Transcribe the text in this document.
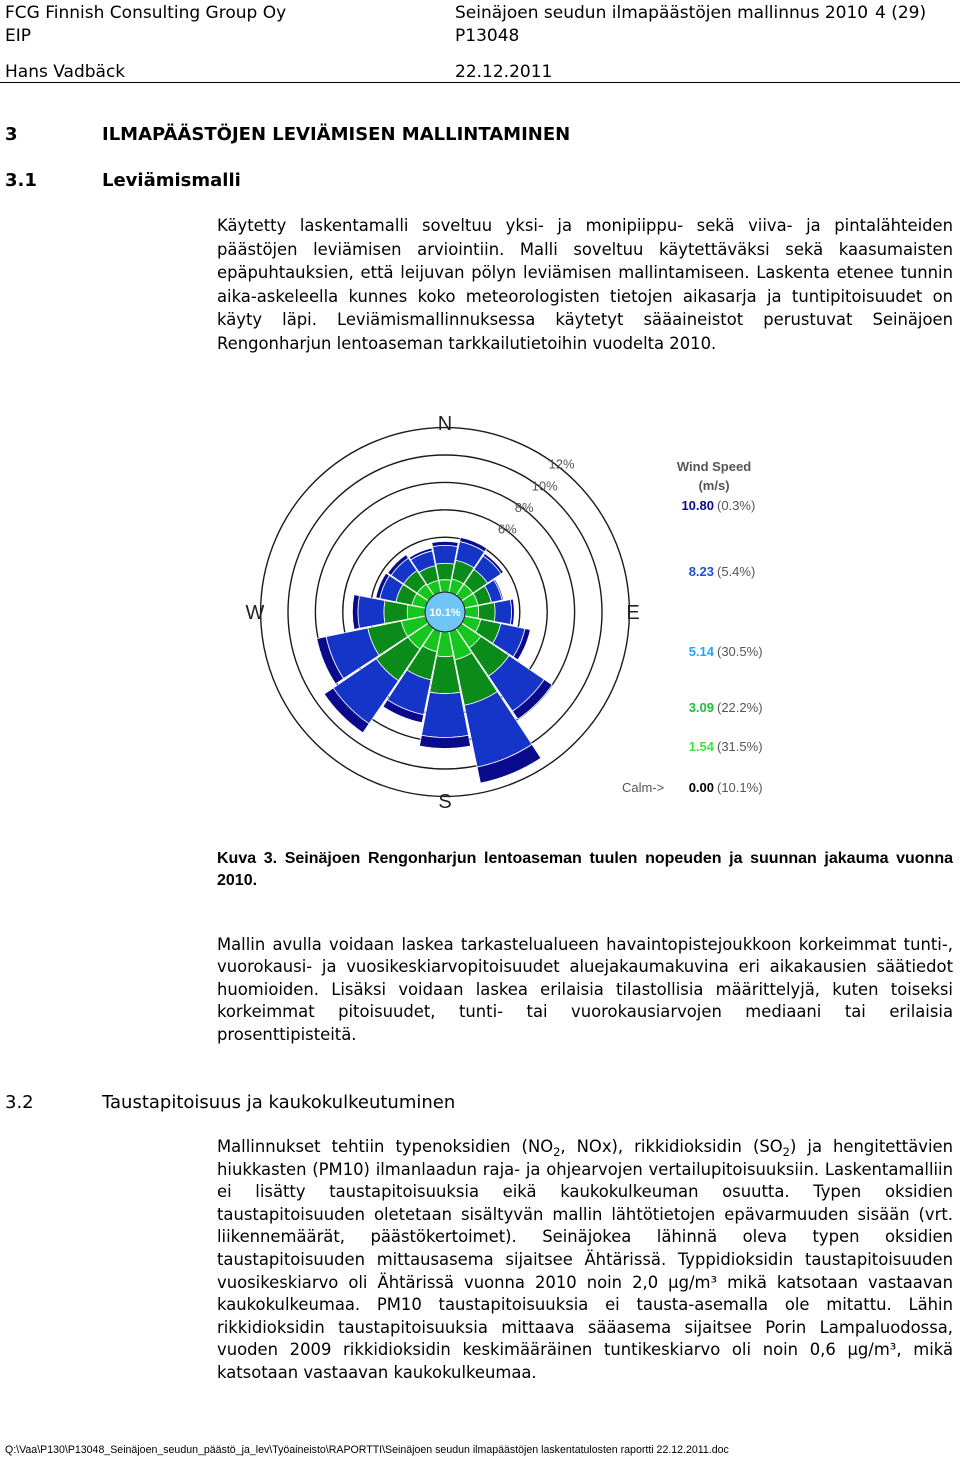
FCG Finnish Consulting Group Oy
EIP
Hans Vadbäck
Seinäjoen seudun ilmapäästöjen mallinnus 2010
P13048
22.12.2011
4 (29)
3	ILMAPÄÄSTÖJEN LEVIÄMISEN MALLINTAMINEN
3.1	Leviämismalli
Käytetty laskentamalli soveltuu yksi- ja monipiippu- sekä viiva- ja pintalähteiden päästöjen leviämisen arviointiin. Malli soveltuu käytettäväksi sekä kaasumaisten epäpuhtauksien, että leijuvan pölyn leviämisen mallintamiseen. Laskenta etenee tunnin aika-askeleella kunnes koko meteorologisten tietojen aikasarja ja tuntipitoisuudet on käyty läpi. Leviämismallinnuksessa käytetyt sääaineistot perustuvat Seinäjoen Rengonharjun lentoaseman tarkkailutietoihin vuodelta 2010.
6%
8%
10%
12%
10.1%
N
S
W	E
Wind Speed
(m/s)
10.80 (0.3%)
8.23 (5.4%)
5.14 (30.5%)
3.09 (22.2%)
1.54 (31.5%)
0.00 (10.1%)
Calm->
Kuva 3. Seinäjoen Rengonharjun lentoaseman tuulen nopeuden ja suunnan jakauma vuonna 2010.
Mallin avulla voidaan laskea tarkastelualueen havaintopistejoukkoon korkeimmat tunti-, vuorokausi- ja vuosikeskiarvopitoisuudet aluejakaumakuvina eri aikakausien säätiedot huomioiden. Lisäksi voidaan laskea erilaisia tilastollisia määrittelyjä, kuten toiseksi korkeimmat pitoisuudet, tunti- tai vuorokausiarvojen mediaani tai erilaisia prosenttipisteitä.
3.2	Taustapitoisuus ja kaukokulkeutuminen
Mallinnukset tehtiin typenoksidien ($NO_2$, NOx), rikkidioksidin $(SO_2)$ ja hengitettävien hiukkasten (PM10) ilmanlaadun raja- ja ohjearvojen vertailupitoisuuksiin. Laskentamalliin ei lisätty taustapitoisuuksia eikä kaukokulkeuman osuutta. Typen oksidien taustapitoisuuden oletetaan sisältyvän mallin lähtötietojen epävarmuuden sisään (vrt. liikennemäärät, päästökertoimet). Seinäjokea lähinnä oleva typen oksidien taustapitoisuuden mittausasema sijaitsee Ähtärissä. Typpidioksidin taustapitoisuuden vuosikeskiarvo oli Ähtärissä vuonna 2010 noin 2,0 µg/m³ mikä katsotaan vastaavan kaukokulkeumaa. PM10 taustapitoisuuksia ei tausta-asemalla ole mitattu. Lähin rikkidioksidin taustapitoisuuksia mittaava sääasema sijaitsee Porin Lampaluodossa, vuoden 2009 rikkidioksidin keskimääräinen tuntikeskiarvo oli noin 0,6 µg/m³, mikä katsotaan vastaavan kaukokulkeumaa.
Q:\Vaa\P130\P13048_Seinäjoen_seudun_päästö_ja_lev\Työaineisto\RAPORTTI\Seinäjoen seudun ilmapäästöjen laskentatulosten raportti 22.12.2011.doc
